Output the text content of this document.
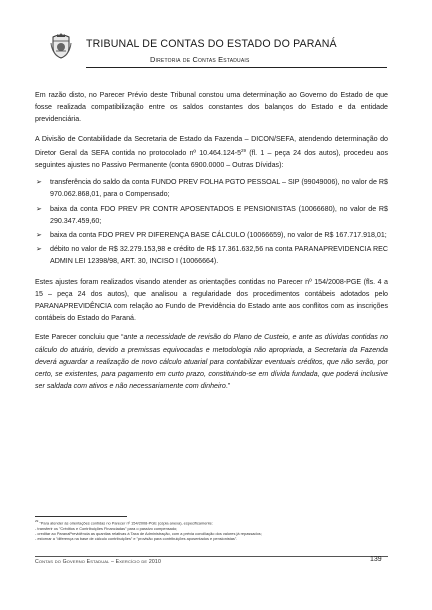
TRIBUNAL DE CONTAS DO ESTADO DO PARANÁ
Diretoria de Contas Estaduais

Em razão disto, no Parecer Prévio deste Tribunal constou uma determinação ao Governo do Estado de que fosse realizada compatibilização entre os saldos constantes dos balanços do Estado e da entidade previdenciária.

A Divisão de Contabilidade da Secretaria de Estado da Fazenda – DICON/SEFA, atendendo determinação do Diretor Geral da SEFA contida no protocolado nº $10.464.124-5^{29}$ (fl. 1 – peça 24 dos autos), procedeu aos seguintes ajustes no Passivo Permanente (conta 6900.0000 – Outras Dívidas):

➢ transferência do saldo da conta FUNDO PREV FOLHA PGTO PESSOAL – SIP (99049006), no valor de R$ 970.062.868,01, para o Compensado;
➢ baixa da conta FDO PREV PR CONTR APOSENTADOS E PENSIONISTAS (10066680), no valor de R$ 290.347.459,60;
➢ baixa da conta FDO PREV PR DIFERENÇA BASE CÁLCULO (10066659), no valor de R$ 167.717.918,01;
➢ débito no valor de R$ 32.279.153,98 e crédito de R$ 17.361.632,56 na conta PARANAPREVIDENCIA REC ADMIN LEI 12398/98, ART. 30, INCISO I (10066664).

Estes ajustes foram realizados visando atender as orientações contidas no Parecer nº 154/2008-PGE (fls. 4 a 15 – peça 24 dos autos), que analisou a regularidade dos procedimentos contábeis adotados pelo PARANAPREVIDÊNCIA com relação ao Fundo de Previdência do Estado ante aos conflitos com as inscrições contábeis do Estado do Paraná.

Este Parecer concluiu que “ante a necessidade de revisão do Plano de Custeio, e ante as dúvidas contidas no cálculo do atuário, devido a premissas equivocadas e metodologia não apropriada, a Secretaria da Fazenda deverá aguardar a realização de novo cálculo atuarial para contabilizar eventuais créditos, que não serão, por certo, se existentes, para pagamento em curto prazo, constituindo-se em dívida fundada, que poderá inclusive ser saldada com ativos e não necessariamente com dinheiro.”

$^{29}$ "Para atender às orientações contidas no Parecer nº 154/2008-PGE (cópia anexa), especificamente:

- transferir os "Créditos e Contribuições Financiadas" para o passivo compensado;

- creditar ao ParanaPrevidência as quantias relativas à Taxa de Administração, com a prévia conciliação dos valores já repassados;

- estornar a "diferença na base de cálculo contribuições" e "provisão para contribuições aposentados e pensionistas".

Contas do Governo Estadual – Exercício de 2010	139
